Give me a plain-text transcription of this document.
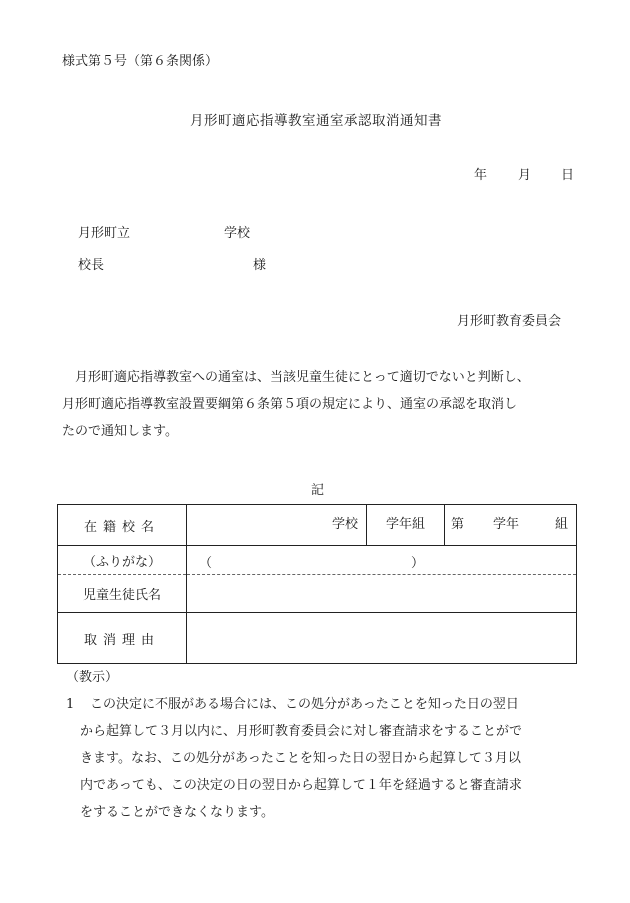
様式第５号（第６条関係）
月形町適応指導教室通室承認取消通知書
年 月 日
月形町立	学校
校長	様
月形町教育委員会
月形町適応指導教室への通室は、当該児童生徒にとって適切でないと判断し、
月形町適応指導教室設置要綱第６条第５項の規定により、通室の承認を取消し
たので通知します。
記
在籍校名	学校 学年組 第 学年 組

（ふりがな）	（ ）

児童生徒氏名	
取消理由	
（教示）
1	この決定に不服がある場合には、この処分があったことを知った日の翌日
から起算して３月以内に、月形町教育委員会に対し審査請求をすることがで
きます。なお、この処分があったことを知った日の翌日から起算して３月以
内であっても、この決定の日の翌日から起算して１年を経過すると審査請求
をすることができなくなります。
